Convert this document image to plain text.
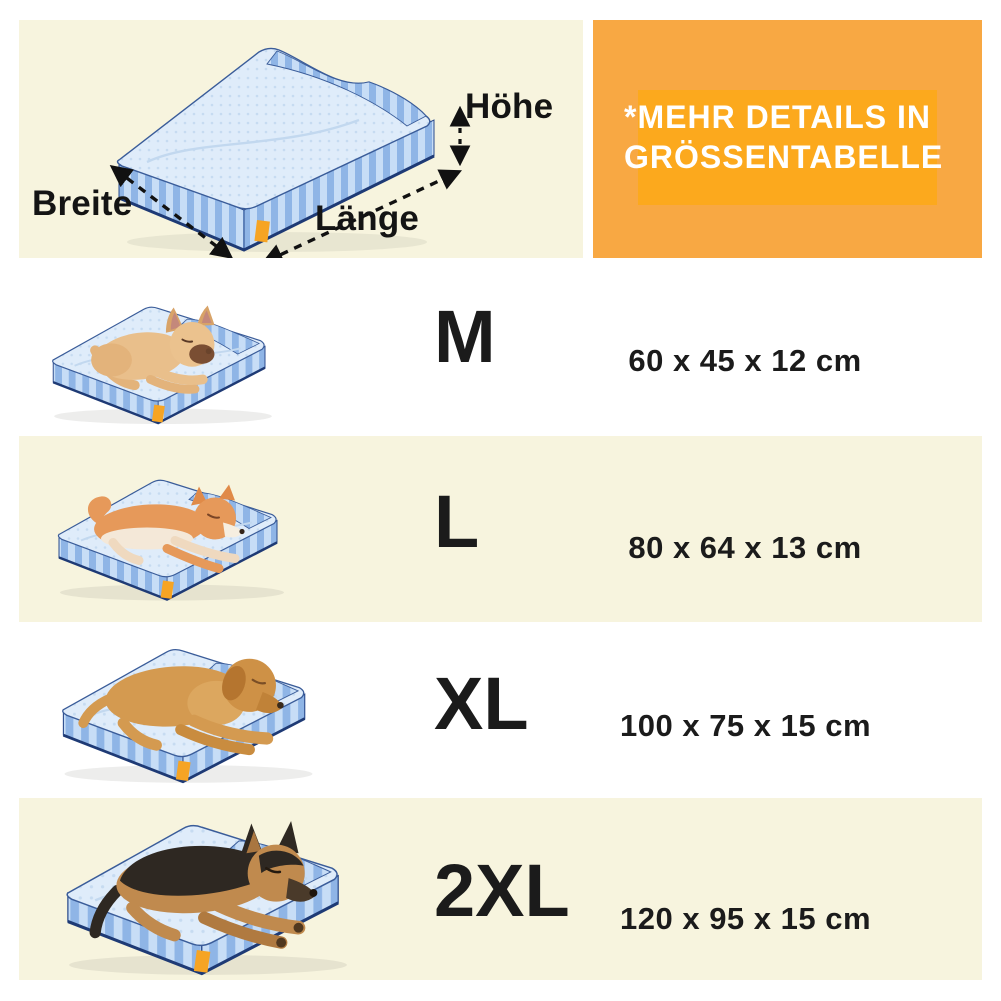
Breite	Länge
Höhe *MEHR DETAILS IN
GRÖSSENTABELLE
M	60 x 45 x 12 cm
L	80 x 64 x 13 cm
XL	100 x 75 x 15 cm
2XL 120 x 95 x 15 cm
